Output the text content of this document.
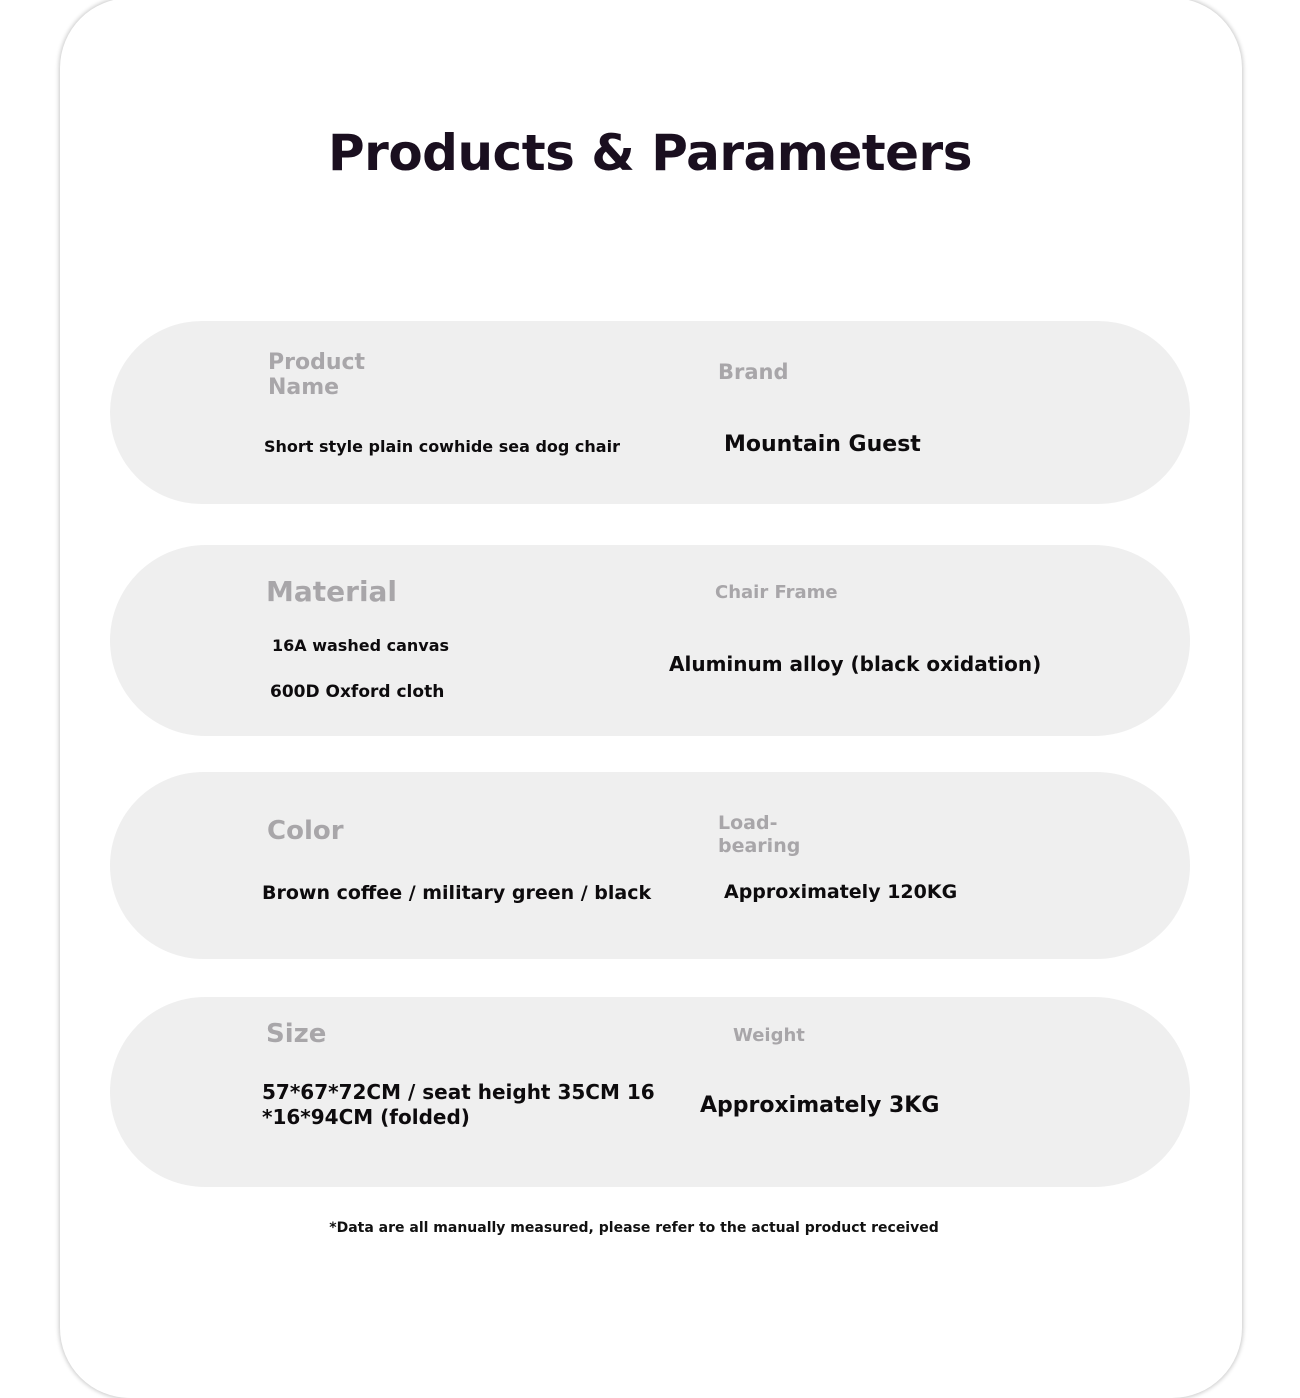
Products & Parameters

Product
Name

Short style plain cowhide sea dog chair

Brand

Mountain Guest

Material

16A washed canvas

600D Oxford cloth

Chair Frame

Aluminum alloy (black oxidation)

Color

Brown coffee / military green / black

Load-
bearing

Approximately 120KG

Size

57*67*72CM / seat height 35CM 16
*16*94CM (folded)

Weight

Approximately 3KG

*Data are all manually measured, please refer to the actual product received
